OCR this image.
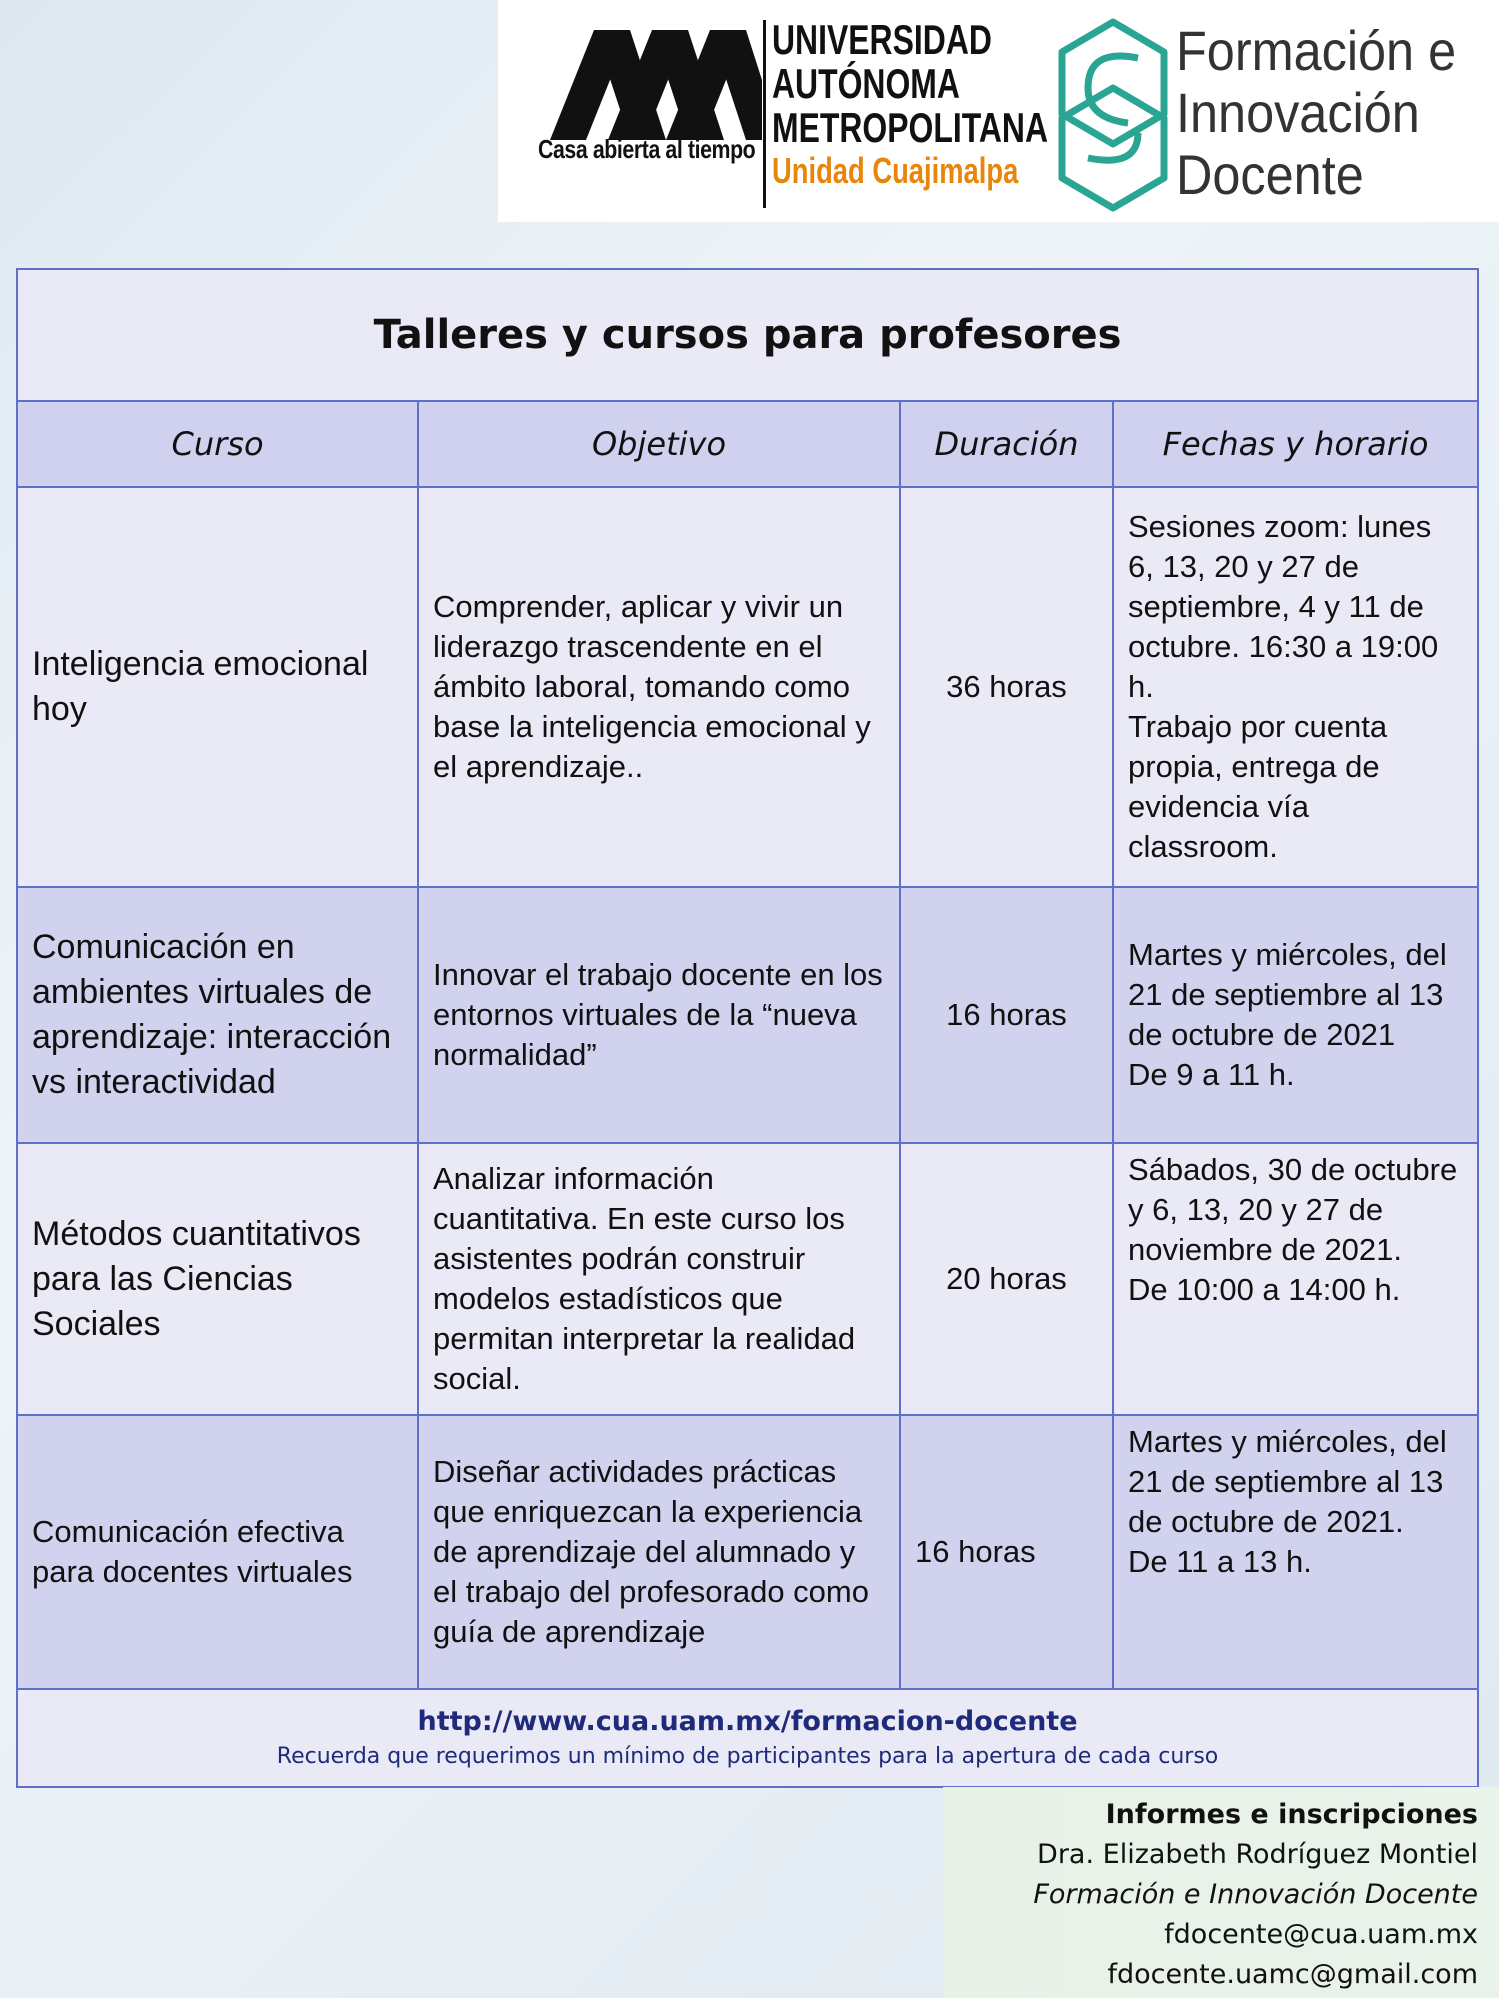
Casa abierta al tiempo
UNIVERSIDAD
AUTÓNOMA
METROPOLITANA
Unidad Cuajimalpa
Formación e
Innovación
Docente
Talleres y cursos para profesores			
Curso	Objetivo	Duración	Fechas y horario
Inteligencia emocional hoy	Comprender, aplicar y vivir un liderazgo trascendente en el ámbito laboral, tomando como base la inteligencia emocional y el aprendizaje..	36 horas	Sesiones zoom: lunes 6, 13, 20 y 27 de septiembre, 4 y 11 de octubre. 16:30 a 19:00 h.
Trabajo por cuenta propia, entrega de evidencia vía classroom.

Comunicación en ambientes virtuales de aprendizaje: interacción vs interactividad	Innovar el trabajo docente en los entornos virtuales de la “nueva normalidad”	16 horas	Martes y miércoles, del 21 de septiembre al 13 de octubre de 2021
De 9 a 11 h.

Métodos cuantitativos para las Ciencias Sociales	Analizar información cuantitativa. En este curso los asistentes podrán construir modelos estadísticos que permitan interpretar la realidad social.	20 horas	Sábados, 30 de octubre y 6, 13, 20 y 27 de noviembre de 2021.
De 10:00 a 14:00 h.

Comunicación efectiva para docentes virtuales	Diseñar actividades prácticas que enriquezcan la experiencia de aprendizaje del alumnado y el trabajo del profesorado como guía de aprendizaje	16 horas	Martes y miércoles, del 21 de septiembre al 13 de octubre de 2021.
De 11 a 13 h.

http://www.cua.uam.mx/formacion-docente
Recuerda que requerimos un mínimo de participantes para la apertura de cada curso			
Informes e inscripciones
Dra. Elizabeth Rodríguez Montiel
Formación e Innovación Docente
fdocente@cua.uam.mx
fdocente.uamc@gmail.com
